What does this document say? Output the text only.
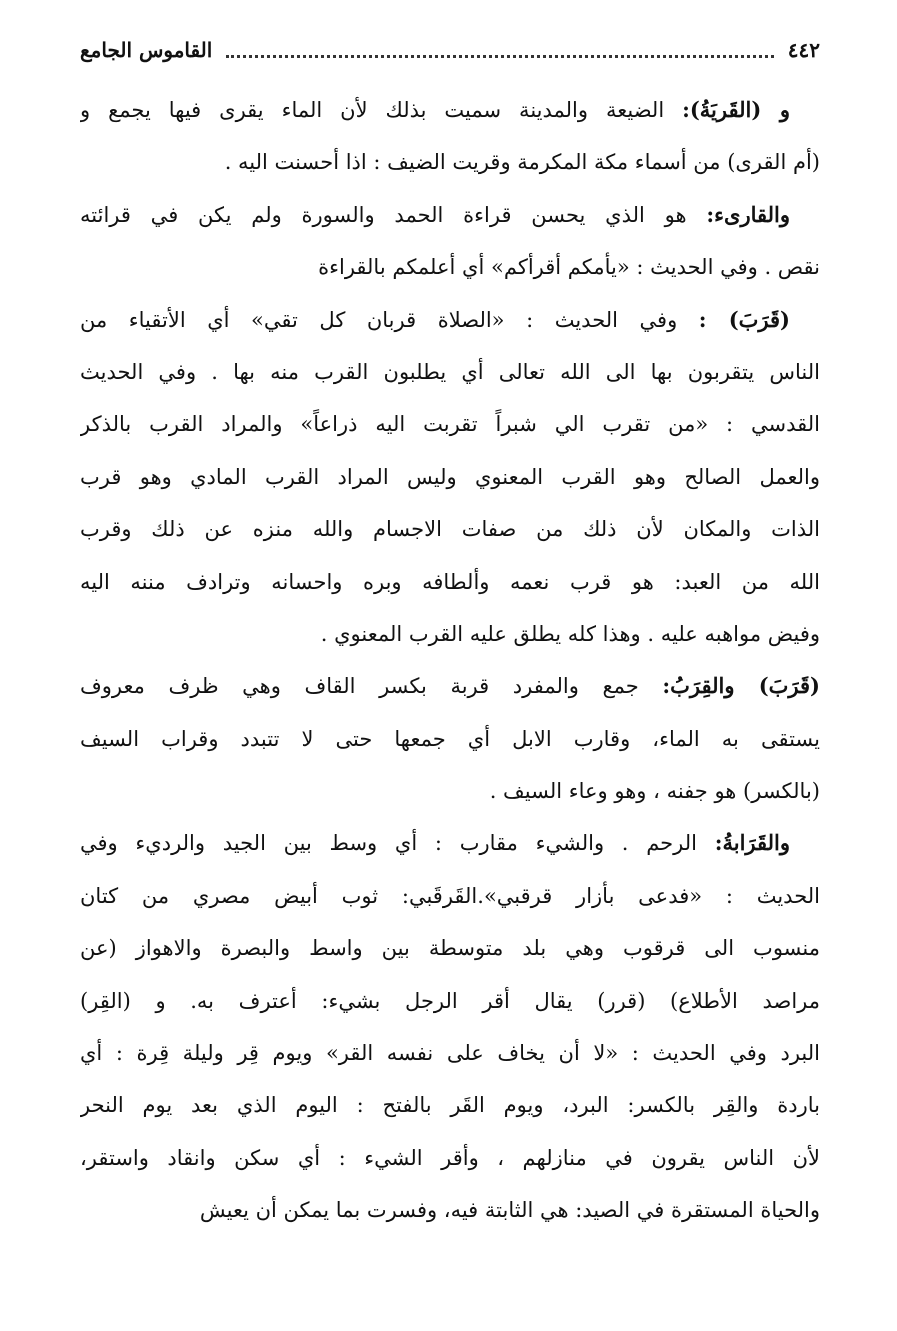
٤٤٢
القاموس الجامع
و (القَريَةُ): الضيعة والمدينة سميت بذلك لأن الماء يقرى فيها يجمع و
(أم القرى) من أسماء مكة المكرمة وقريت الضيف : اذا أحسنت اليه .
والقارىء: هو الذي يحسن قراءة الحمد والسورة ولم يكن في قرائته
نقص . وفي الحديث : «يأمكم أقرأكم» أي أعلمكم بالقراءة
(قَرَبَ) : وفي الحديث : «الصلاة قربان كل تقي» أي الأتقياء من
الناس يتقربون بها الى الله تعالى أي يطلبون القرب منه بها . وفي الحديث
القدسي : «من تقرب الي شبراً تقربت اليه ذراعاً» والمراد القرب بالذكر
والعمل الصالح وهو القرب المعنوي وليس المراد القرب المادي وهو قرب
الذات والمكان لأن ذلك من صفات الاجسام والله منزه عن ذلك وقرب
الله من العبد: هو قرب نعمه وألطافه وبره واحسانه وترادف مننه اليه
وفيض مواهبه عليه . وهذا كله يطلق عليه القرب المعنوي .
(قَرَبَ) والقِرَبُ: جمع والمفرد قربة بكسر القاف وهي ظرف معروف
يستقى به الماء، وقارب الابل أي جمعها حتى لا تتبدد وقراب السيف
(بالكسر) هو جفنه ، وهو وعاء السيف .
والقَرَابةُ: الرحم . والشيء مقارب : أي وسط بين الجيد والرديء وفي
الحديث : «فدعى بأزار قرقبي».القَرقَبي: ثوب أبيض مصري من كتان
منسوب الى قرقوب وهي بلد متوسطة بين واسط والبصرة والاهواز (عن
مراصد الأطلاع) (قرر) يقال أقر الرجل بشيء: أعترف به. و (القِر)
البرد وفي الحديث : «لا أن يخاف على نفسه القر» ويوم قِر وليلة قِرة : أي
باردة والقِر بالكسر: البرد، ويوم القَر بالفتح : اليوم الذي بعد يوم النحر
لأن الناس يقرون في منازلهم ، وأقر الشيء : أي سكن وانقاد واستقر،
والحياة المستقرة في الصيد: هي الثابتة فيه، وفسرت بما يمكن أن يعيش
